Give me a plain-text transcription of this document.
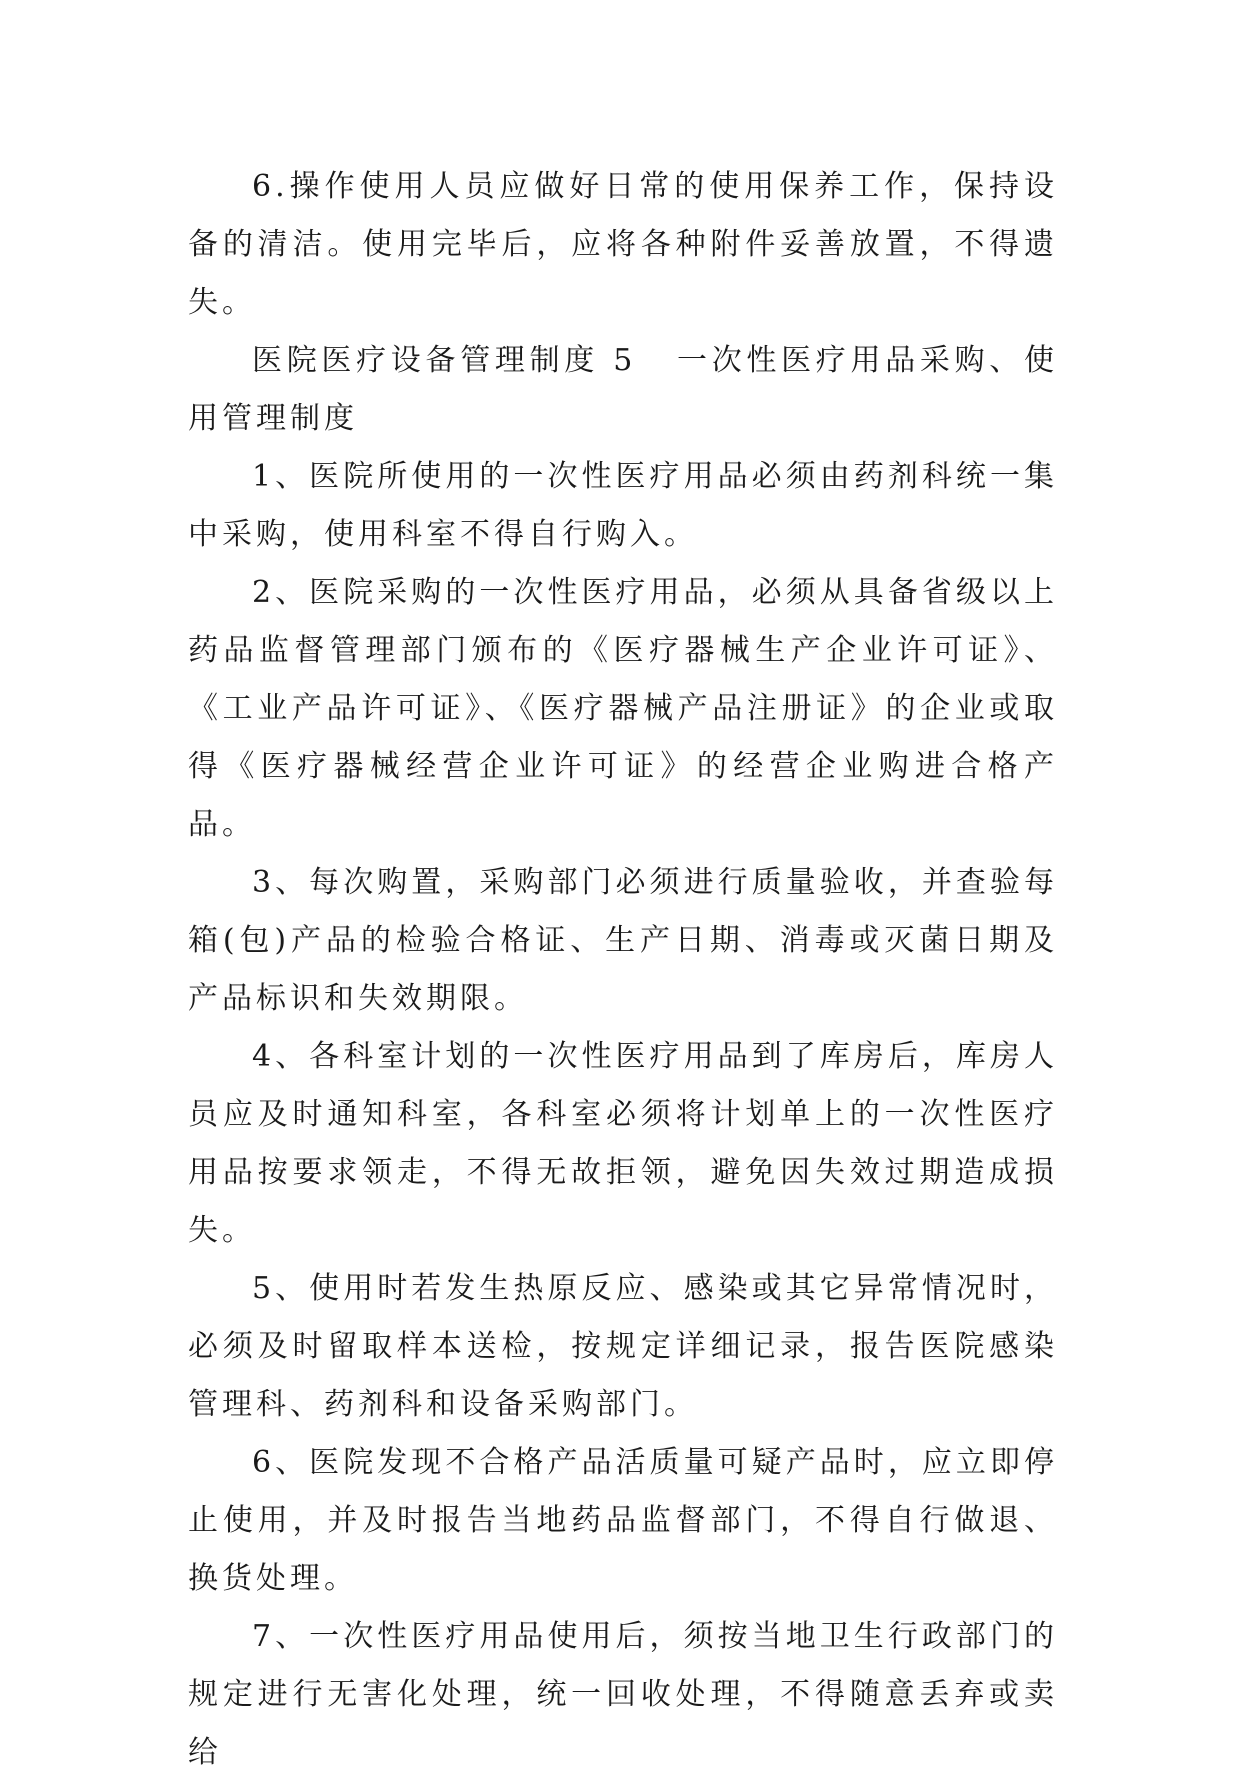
6.操作使用人员应做好日常的使用保养工作，保持设备的清洁。使用完毕后，应将各种附件妥善放置，不得遗失。

医院医疗设备管理制度 5 一次性医疗用品采购、使用管理制度

1、医院所使用的一次性医疗用品必须由药剂科统一集中采购，使用科室不得自行购入。

2、医院采购的一次性医疗用品，必须从具备省级以上药品监督管理部门颁布的《医疗器械生产企业许可证》、《工业产品许可证》、《医疗器械产品注册证》的企业或取得《医疗器械经营企业许可证》的经营企业购进合格产品。

3、每次购置，采购部门必须进行质量验收，并查验每箱(包)产品的检验合格证、生产日期、消毒或灭菌日期及产品标识和失效期限。

4、各科室计划的一次性医疗用品到了库房后，库房人员应及时通知科室，各科室必须将计划单上的一次性医疗用品按要求领走，不得无故拒领，避免因失效过期造成损失。

5、使用时若发生热原反应、感染或其它异常情况时，必须及时留取样本送检，按规定详细记录，报告医院感染管理科、药剂科和设备采购部门。

6、医院发现不合格产品活质量可疑产品时，应立即停止使用，并及时报告当地药品监督部门，不得自行做退、换货处理。

7、一次性医疗用品使用后，须按当地卫生行政部门的规定进行无害化处理，统一回收处理，不得随意丢弃或卖给
